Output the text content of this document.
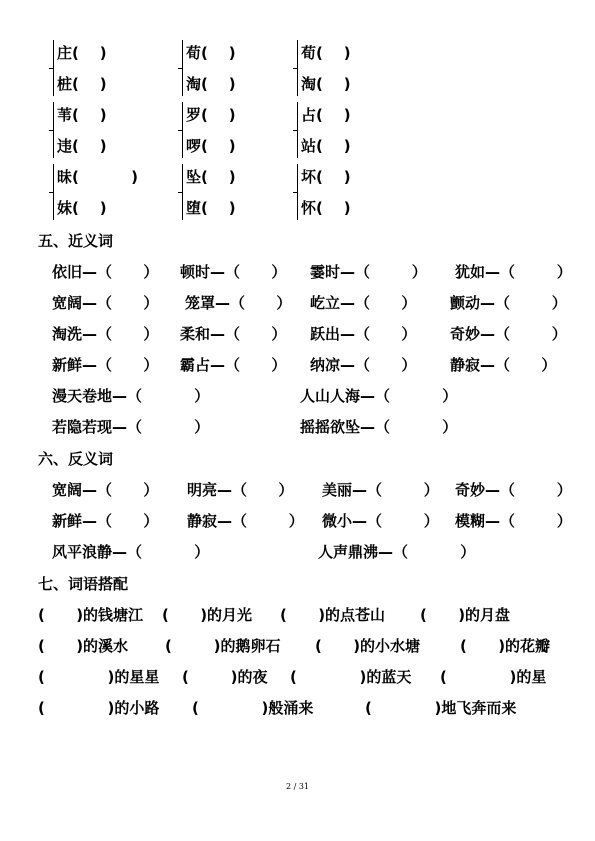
庄(    )	荀(    )	荀(    )
桩(    )	淘(    )	淘(    )
苇(    )	罗(    )	占(    )
违(    )	啰(    )	站(    )
昧(          )	坠(    )	坏(    )
妹(    )	堕(    )	怀(    )
五、近义词
依旧—（      ） 顿时—（      ） 霎时—（        ） 犹如—（        ）
宽阔—（      ） 笼罩—（      ） 屹立—（      ） 颤动—（        ）
淘洗—（      ） 柔和—（      ） 跃出—（      ） 奇妙—（        ）
新鲜—（      ） 霸占—（      ） 纳凉—（      ） 静寂—（      ）
漫天卷地—（          ）	人山人海—（          ）
若隐若现—（          ）	摇摇欲坠—（          ）
六、反义词
宽阔—（      ） 明亮—（      ） 美丽—（        ） 奇妙—（        ）
新鲜—（      ） 静寂—（        ） 微小—（        ） 模糊—（        ）
风平浪静—（          ）	人声鼎沸—（          ）
七、词语搭配
(      )的钱塘江 (      )的月光 (      )的点苍山 (      )的月盘
(      )的溪水 (        )的鹅卵石 (      )的小水塘	(      )的花瓣
(            )的星星 (        )的夜 (            )的蓝天 (            )的星
(            )的小路 (            )般涌来	(            )地飞奔而来
2 / 31
